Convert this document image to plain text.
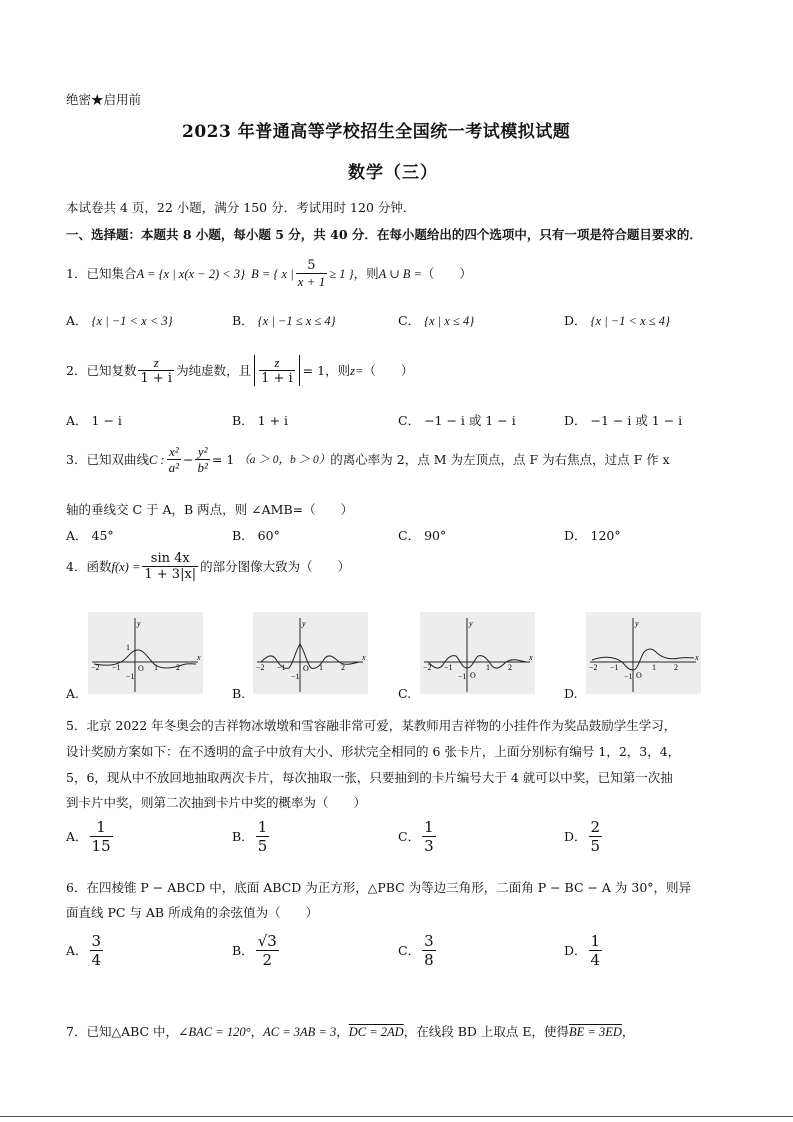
绝密★启用前
2023 年普通高等学校招生全国统一考试模拟试题
数学（三）
本试卷共 4 页，22 小题，满分 150 分．考试用时 120 分钟．
一、选择题：本题共 8 小题，每小题 5 分，共 40 分．在每小题给出的四个选项中，只有一项是符合题目要求的．
1． 已知集合 A = {x | x(x − 2) < 3} B = { x | $\frac{5}{x + 1} \ge 1$ } ，则 A ∪ B = （　　）
A． {x | −1 < x < 3}	B． {x | −1 ≤ x ≤ 4}	C． {x | x ≤ 4}	D． {x | −1 < x ≤ 4}
2． 已知复数 $\frac{z}{1 + i}$ 为纯虚数，且 $\frac{z}{1 + i} = 1$ ，则 z= （　　）
A． 1 − i	B． 1 + i	C． −1 − i 或 1 − i	D． −1 − i 或 1 − i
3． 已知双曲线 C : $\frac{\text{x²}}{\text{a²}} - \frac{\text{y²}}{\text{b²}} = 1$ （a ＞ 0，b ＞ 0） 的离心率为 2，点 M 为左顶点，点 F 为右焦点，过点 F 作 x
轴的垂线交 C 于 A，B 两点，则 ∠AMB=（　　）
A． 45°	B． 60°	C． 90°	D． 120°
4． 函数 $f(x) = \frac{\sin 4x}{1 + 3|x|}$ 的部分图像大致为（　　）
y
x
1
−1
O
−2 −1	1 2
y
x
−1
O
−2 −1	1 2
y
x
−1 O
−2 −1	1 2
y
x
−1 O
−2 −1	1 2
A.	B.	C.	D.
5．北京 2022 年冬奥会的吉祥物冰墩墩和雪容融非常可爱，某教师用吉祥物的小挂件作为奖品鼓励学生学习，
设计奖励方案如下：在不透明的盒子中放有大小、形状完全相同的 6 张卡片，上面分别标有编号 1，2，3，4，
5，6，现从中不放回地抽取两次卡片，每次抽取一张，只要抽到的卡片编号大于 4 就可以中奖，已知第一次抽
到卡片中奖，则第二次抽到卡片中奖的概率为（　　）
A． $\frac{1}{15}$	B． $\frac{1}{5}$	C． $\frac{1}{3}$	D． $\frac{2}{5}$
6．在四棱锥 P − ABCD 中，底面 ABCD 为正方形，△PBC 为等边三角形，二面角 P − BC − A 为 30°，则异
面直线 PC 与 AB 所成角的余弦值为（　　）
A． $\frac{3}{4}$	B． $\frac{√3}{2}$	C． $\frac{3}{8}$	D． $\frac{1}{4}$
7．已知△ABC 中，∠BAC = 120°，AC = 3AB = 3，DC = 2AD，在线段 BD 上取点 E，使得BE = 3ED，
